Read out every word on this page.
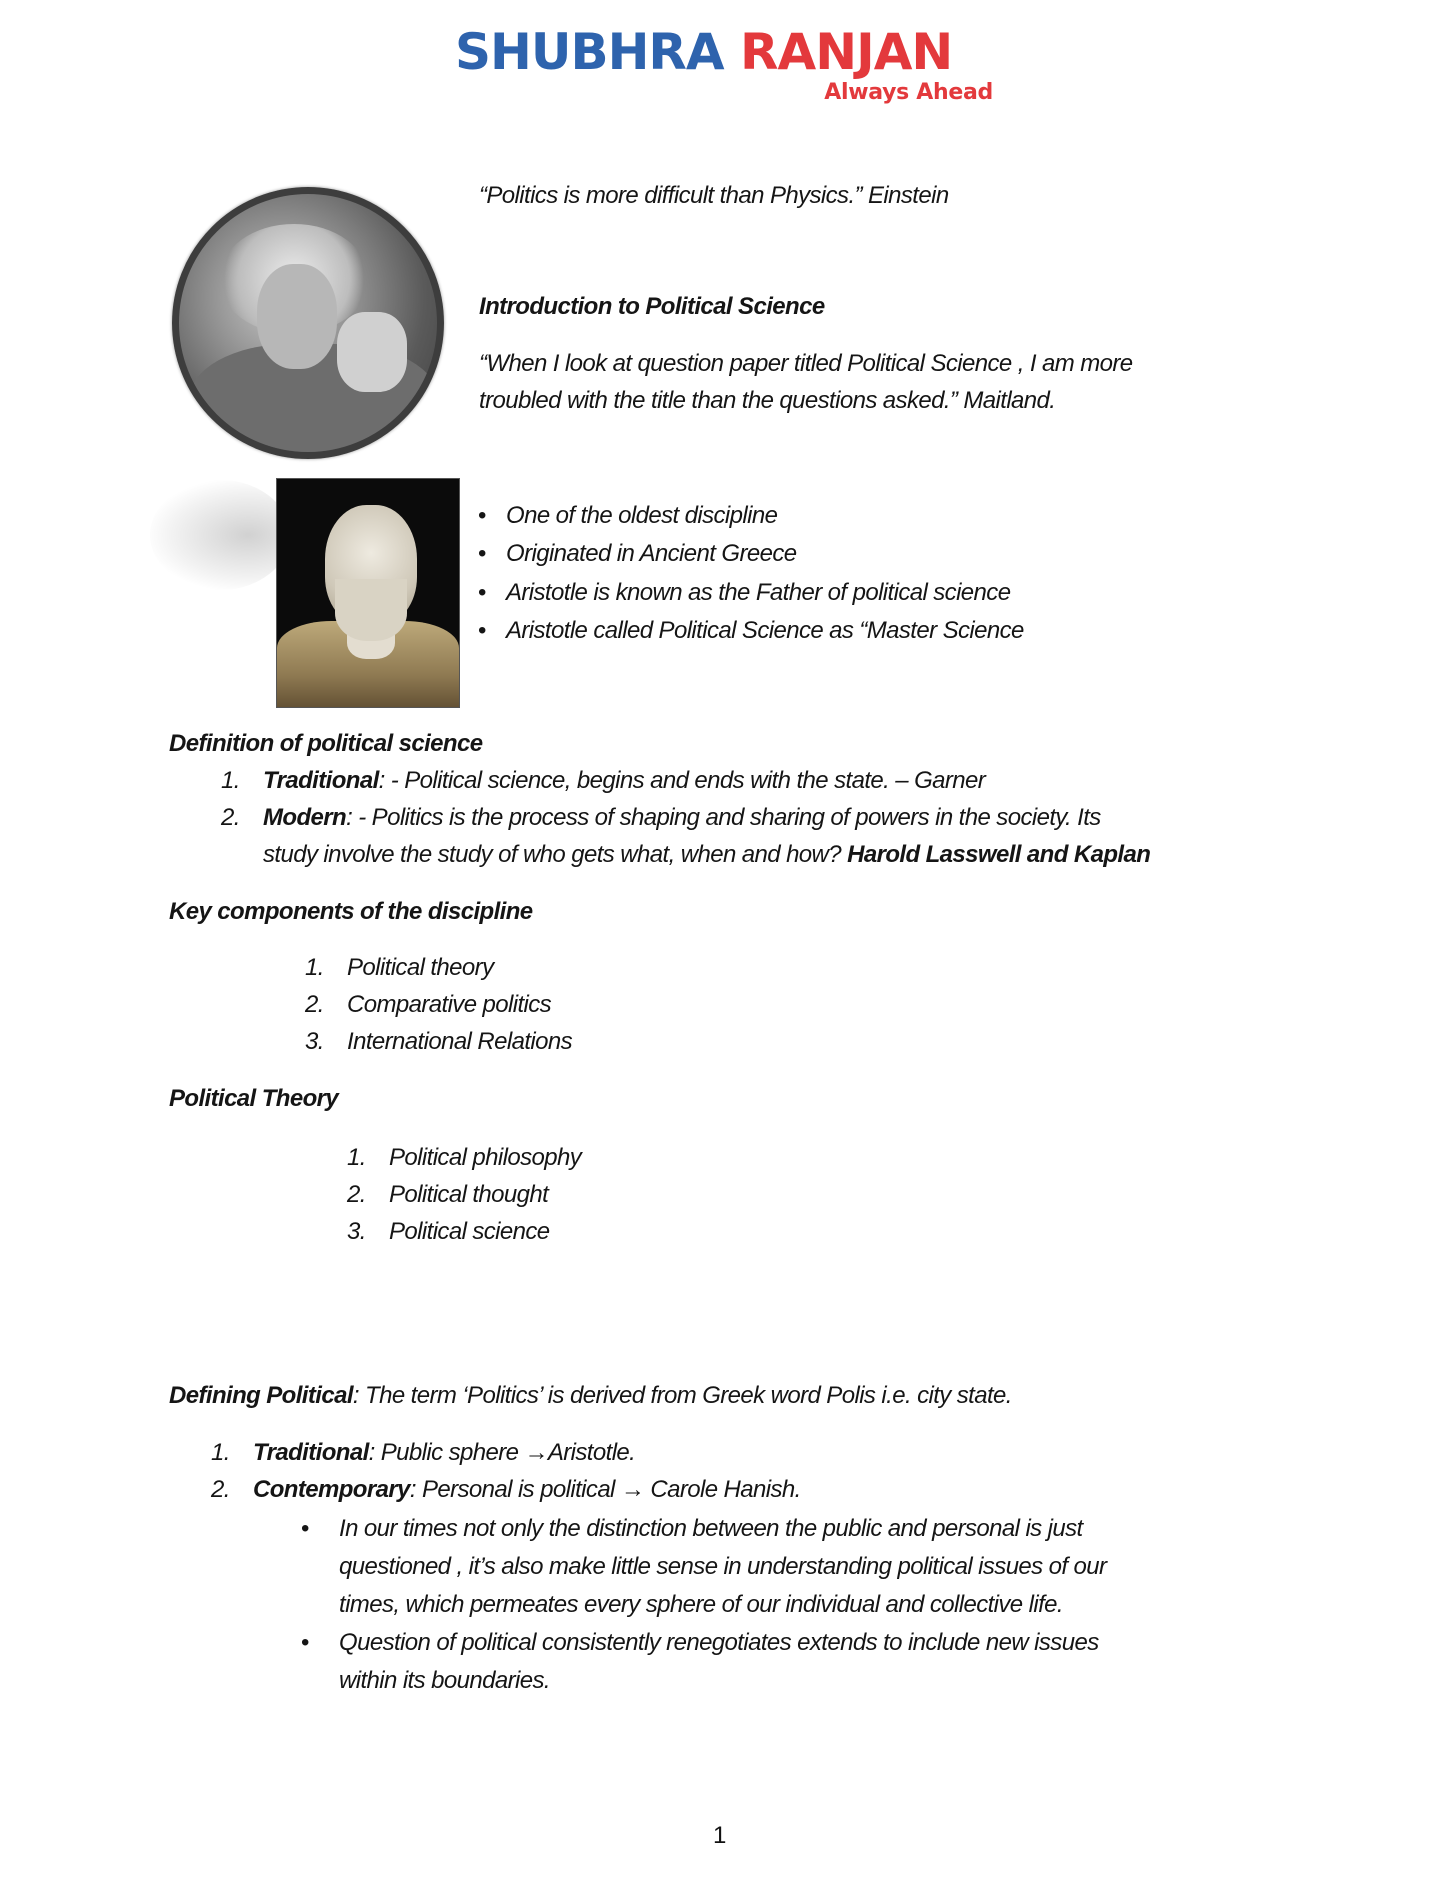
SHUBHRA RANJAN
Always Ahead
“Politics is more difficult than Physics.” Einstein
Introduction to Political Science
“When I look at question paper titled Political Science , I am more
troubled with the title than the questions asked.” Maitland.
• One of the oldest discipline
• Originated in Ancient Greece
• Aristotle is known as the Father of political science
• Aristotle called Political Science as “Master Science
Definition of political science
1. Traditional: - Political science, begins and ends with the state. – Garner
2. Modern: - Politics is the process of shaping and sharing of powers in the society. Its
study involve the study of who gets what, when and how? Harold Lasswell and Kaplan
Key components of the discipline
1. Political theory
2. Comparative politics
3. International Relations
Political Theory
1. Political philosophy
2. Political thought
3. Political science
Defining Political: The term ‘Politics’ is derived from Greek word Polis i.e. city state.
1. Traditional: Public sphere →Aristotle.
2. Contemporary: Personal is political → Carole Hanish.
• In our times not only the distinction between the public and personal is just
questioned , it’s also make little sense in understanding political issues of our
times, which permeates every sphere of our individual and collective life.
• Question of political consistently renegotiates extends to include new issues
within its boundaries.
1
